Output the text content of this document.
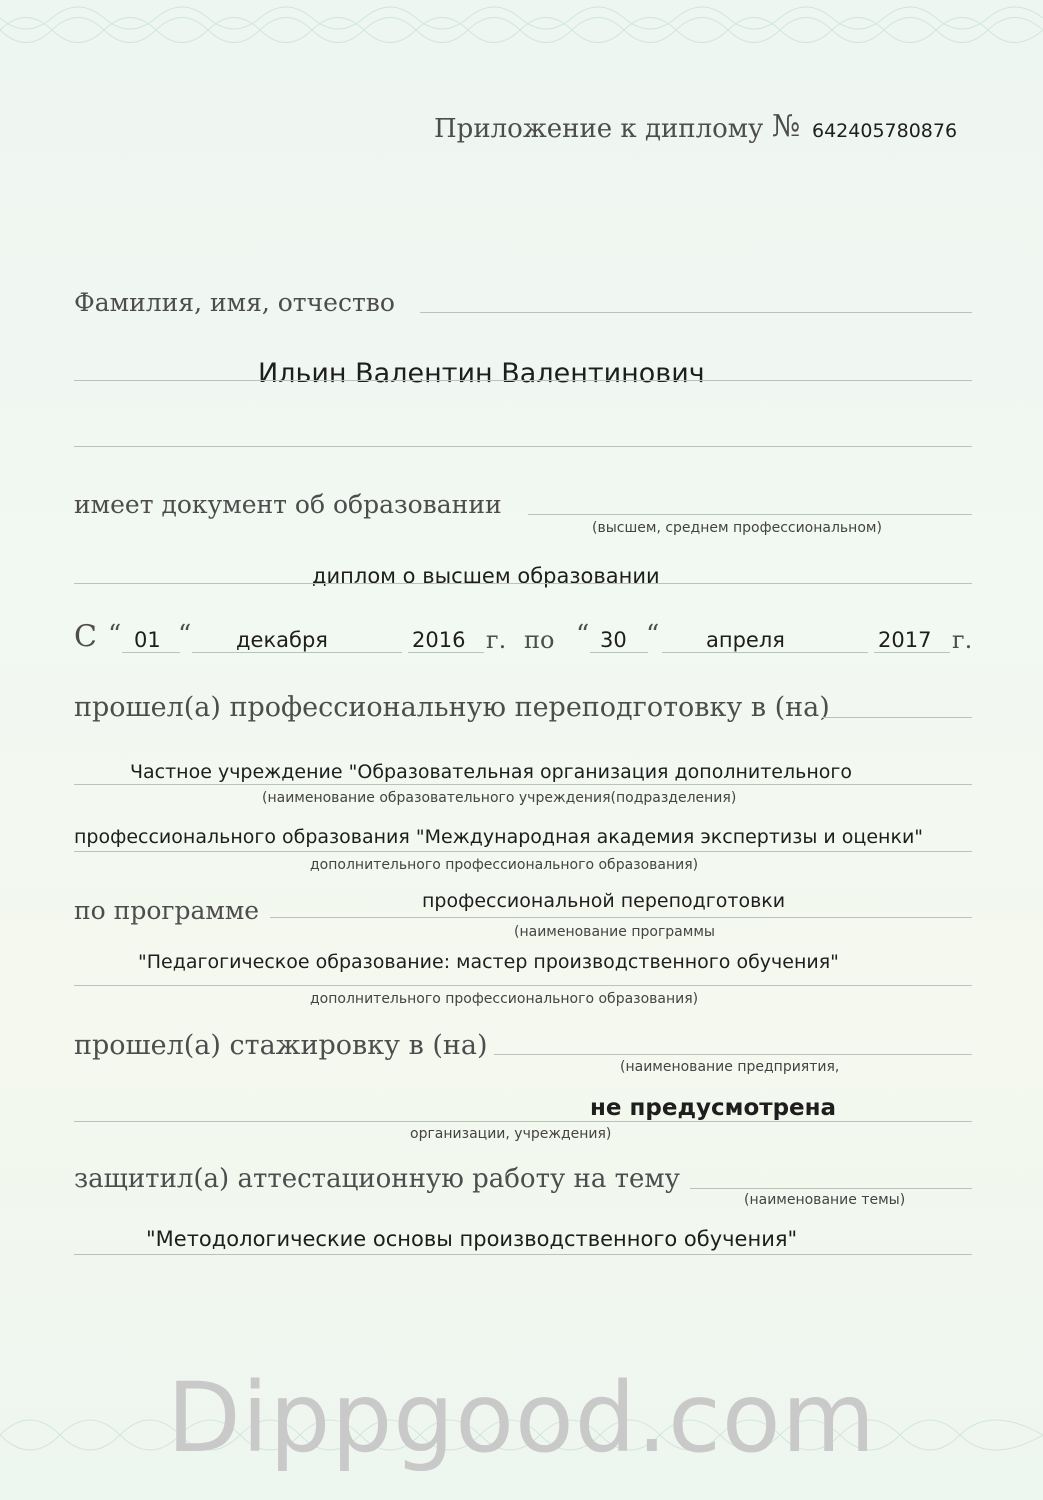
Приложение к диплому № 642405780876
Фамилия, имя, отчество
Ильин Валентин Валентинович
имеет документ об образовании
(высшем, среднем профессиональном)
диплом о высшем образовании
С “ 01 “ декабря	2016 г. по “ 30 “ апреля	2017 г.
прошел(а) профессиональную переподготовку в (на)
Частное учреждение "Образовательная организация дополнительного
(наименование образовательного учреждения(подразделения)
профессионального образования "Международная академия экспертизы и оценки"
дополнительного профессионального образования)
по программе	профессиональной переподготовки
(наименование программы
"Педагогическое образование: мастер производственного обучения"
дополнительного профессионального образования)
прошел(а) стажировку в (на)
(наименование предприятия,
не предусмотрена
организации, учреждения)
защитил(а) аттестационную работу на тему
(наименование темы)
"Методологические основы производственного обучения"
Dippgood.com
